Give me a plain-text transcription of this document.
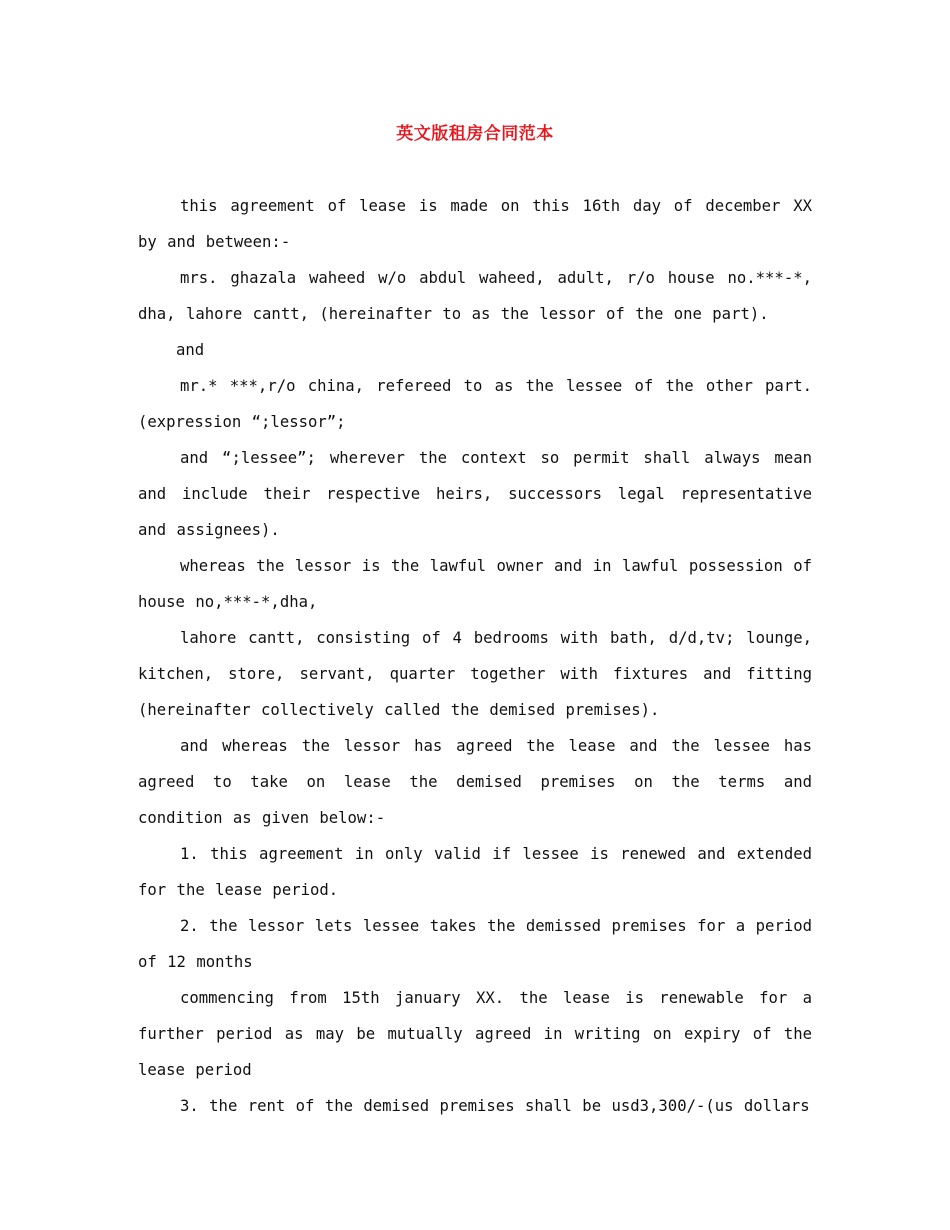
英文版租房合同范本

this agreement of lease is made on this 16th day of december XX by and between:-

mrs. ghazala waheed w/o abdul waheed, adult, r/o house no.***-*, dha, lahore cantt, (hereinafter to as the lessor of the one part).

and

mr.* ***,r/o china, refereed to as the lessee of the other part. (expression “;lessor”;

and “;lessee”; wherever the context so permit shall always mean and include their respective heirs, successors legal representative and assignees).

whereas the lessor is the lawful owner and in lawful possession of house no,***-*,dha,

lahore cantt, consisting of 4 bedrooms with bath, d/d,tv; lounge, kitchen, store, servant, quarter together with fixtures and fitting (hereinafter collectively called the demised premises).

and whereas the lessor has agreed the lease and the lessee has agreed to take on lease the demised premises on the terms and condition as given below:-

1. this agreement in only valid if lessee is renewed and extended for the lease period.

2. the lessor lets lessee takes the demissed premises for a period of 12 months

commencing from 15th january XX. the lease is renewable for a further period as may be mutually agreed in writing on expiry of the lease period

3. the rent of the demised premises shall be usd3,300/-(us dollars
